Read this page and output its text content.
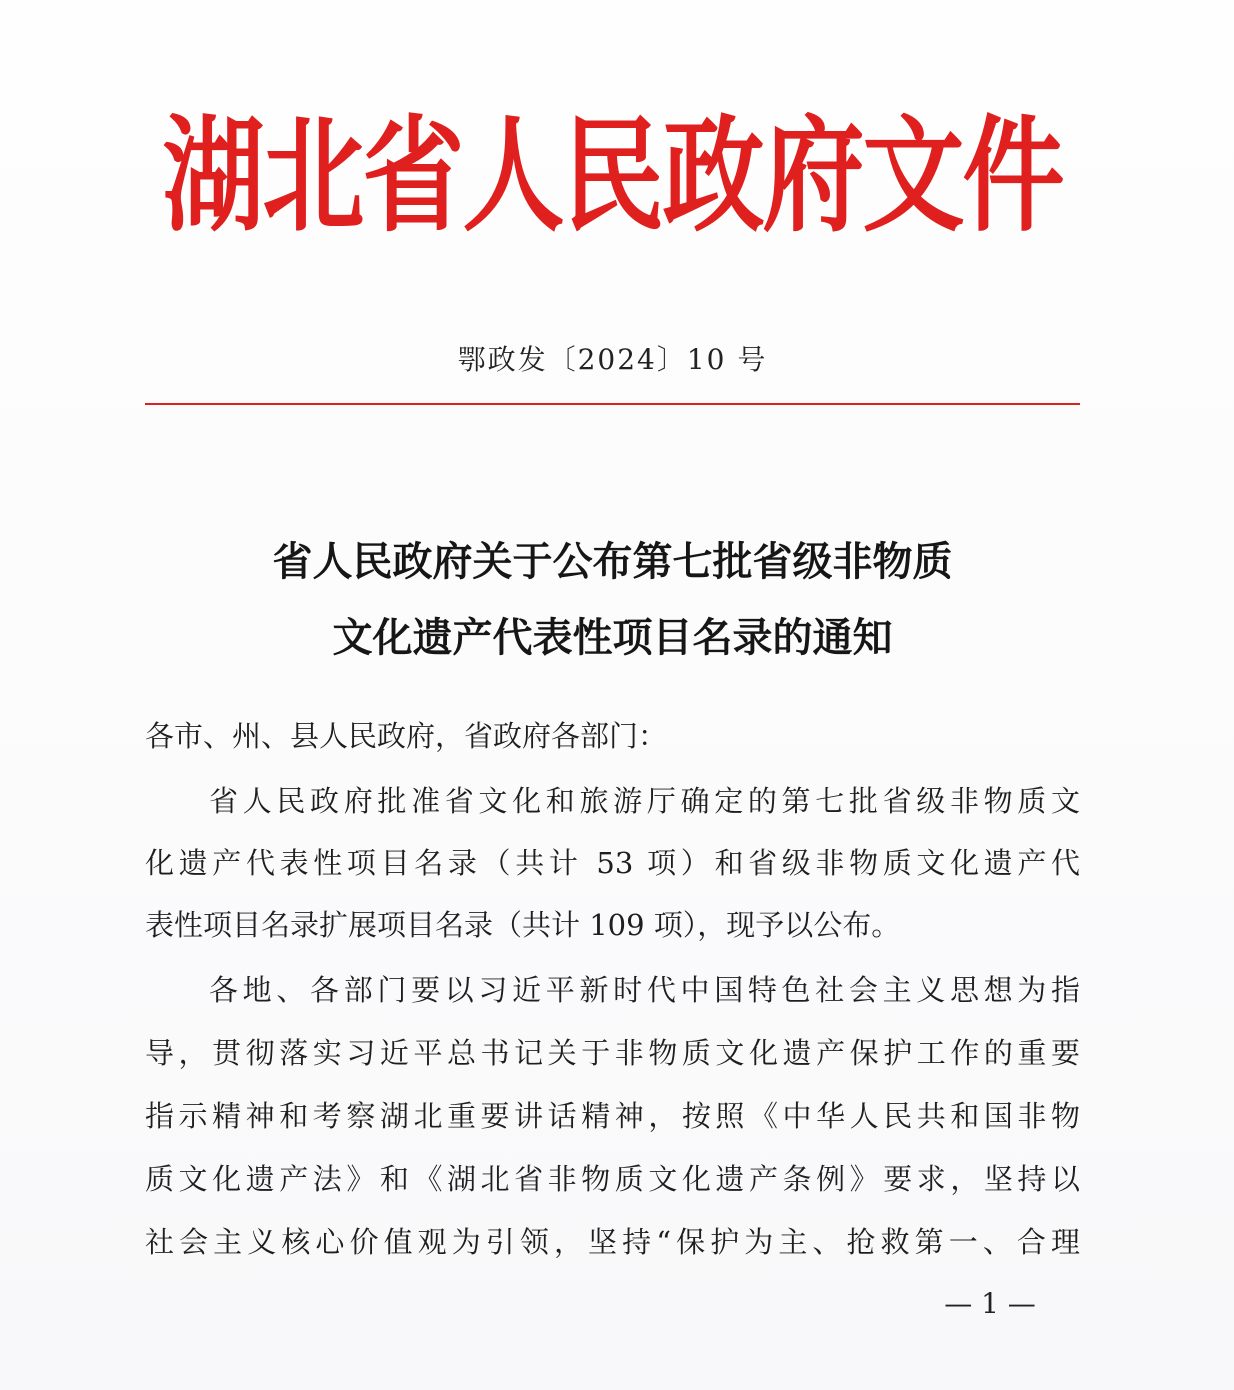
湖北省人民政府文件
鄂政发〔2024〕10 号
省人民政府关于公布第七批省级非物质
文化遗产代表性项目名录的通知
各市、州、县人民政府，省政府各部门：
省人民政府批准省文化和旅游厅确定的第七批省级非物质文
化遗产代表性项目名录（共计 53 项）和省级非物质文化遗产代
表性项目名录扩展项目名录（共计 109 项），现予以公布。
各地、各部门要以习近平新时代中国特色社会主义思想为指
导，贯彻落实习近平总书记关于非物质文化遗产保护工作的重要
指示精神和考察湖北重要讲话精神，按照《中华人民共和国非物
质文化遗产法》和《湖北省非物质文化遗产条例》要求，坚持以
社会主义核心价值观为引领，坚持“保护为主、抢救第一、合理
— 1 —
